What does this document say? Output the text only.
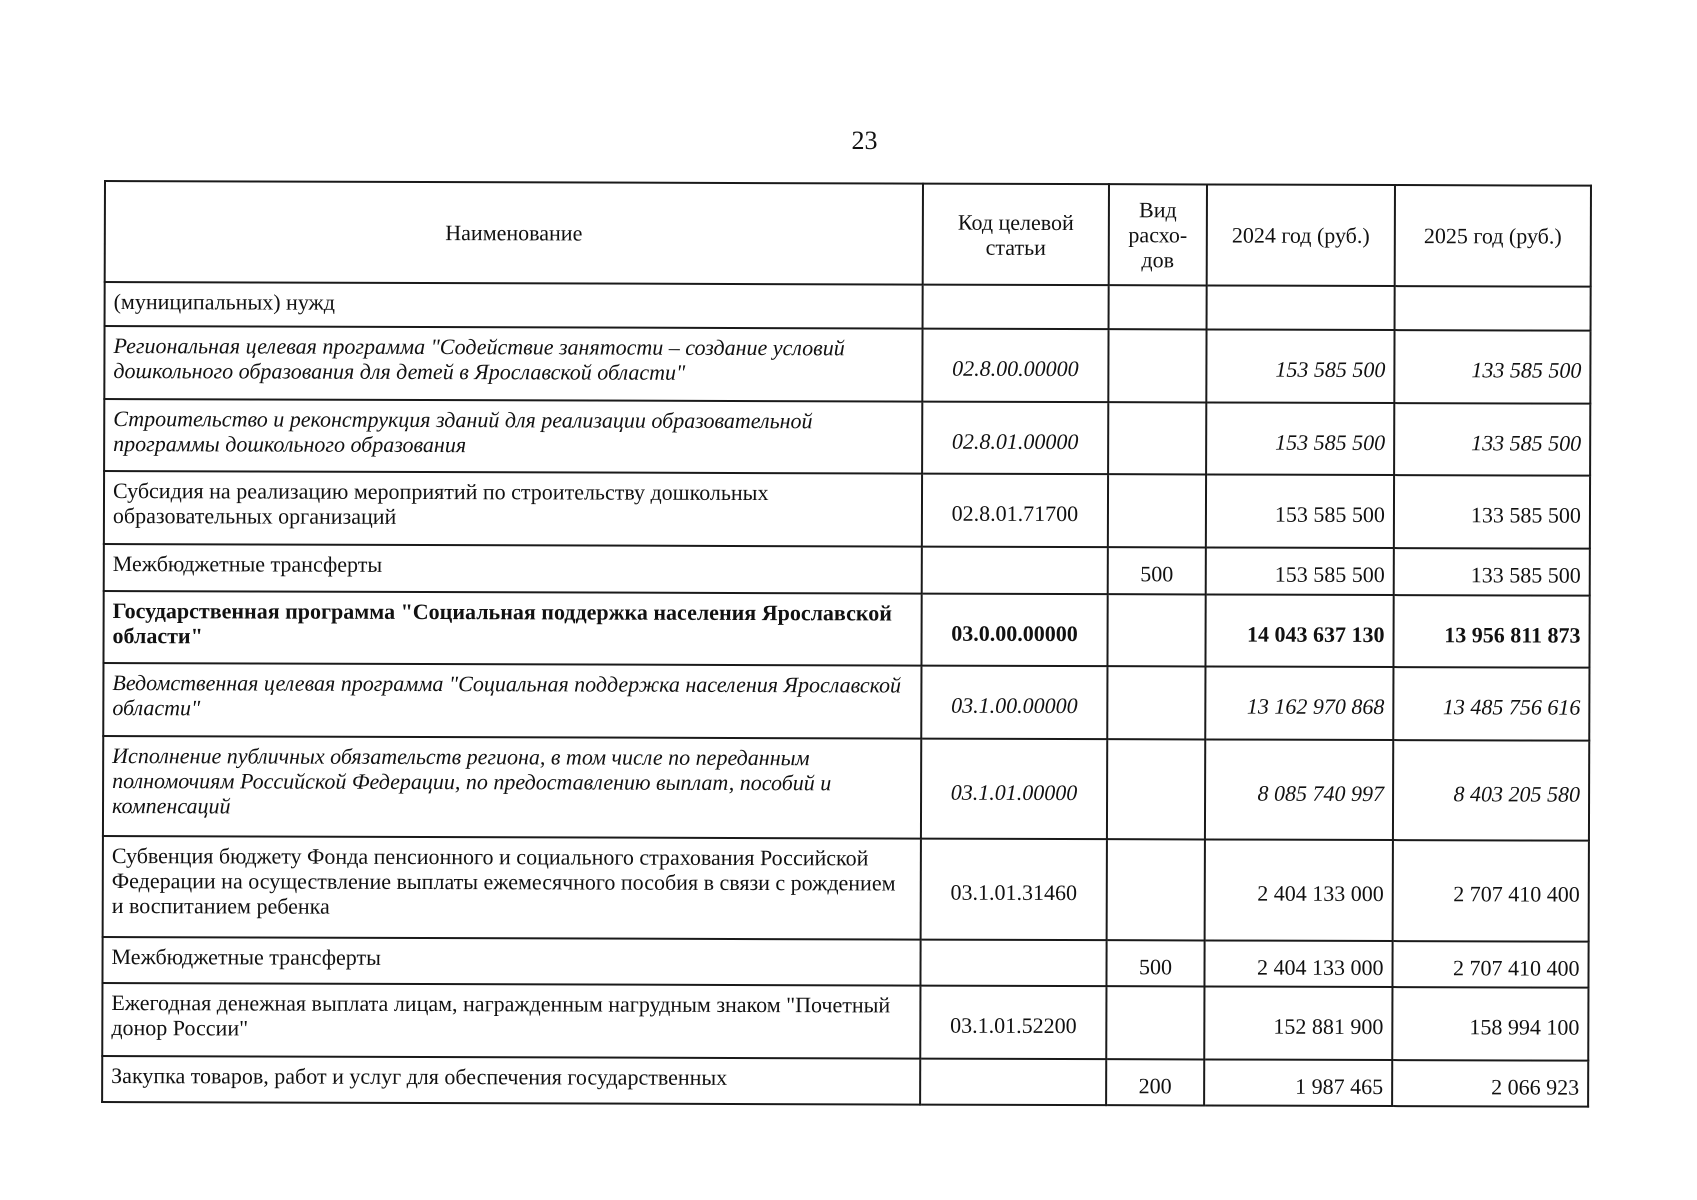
23
Наименование	Код целевой статьи	Вид расхо-дов	2024 год (руб.)	2025 год (руб.)
(муниципальных) нужд				
Региональная целевая программа "Содействие занятости – создание условий дошкольного образования для детей в Ярославской области"	02.8.00.00000		153 585 500	133 585 500
Строительство и реконструкция зданий для реализации образовательной программы дошкольного образования	02.8.01.00000		153 585 500	133 585 500
Субсидия на реализацию мероприятий по строительству дошкольных образовательных организаций	02.8.01.71700		153 585 500	133 585 500
Межбюджетные трансферты		500	153 585 500	133 585 500
Государственная программа "Социальная поддержка населения Ярославской области"	03.0.00.00000		14 043 637 130	13 956 811 873
Ведомственная целевая программа "Социальная поддержка населения Ярославской области"	03.1.00.00000		13 162 970 868	13 485 756 616
Исполнение публичных обязательств региона, в том числе по переданным полномочиям Российской Федерации, по предоставлению выплат, пособий и компенсаций	03.1.01.00000		8 085 740 997	8 403 205 580
Субвенция бюджету Фонда пенсионного и социального страхования Российской Федерации на осуществление выплаты ежемесячного пособия в связи с рождением и воспитанием ребенка	03.1.01.31460		2 404 133 000	2 707 410 400
Межбюджетные трансферты		500	2 404 133 000	2 707 410 400
Ежегодная денежная выплата лицам, награжденным нагрудным знаком "Почетный донор России"	03.1.01.52200		152 881 900	158 994 100
Закупка товаров, работ и услуг для обеспечения государственных		200	1 987 465	2 066 923
